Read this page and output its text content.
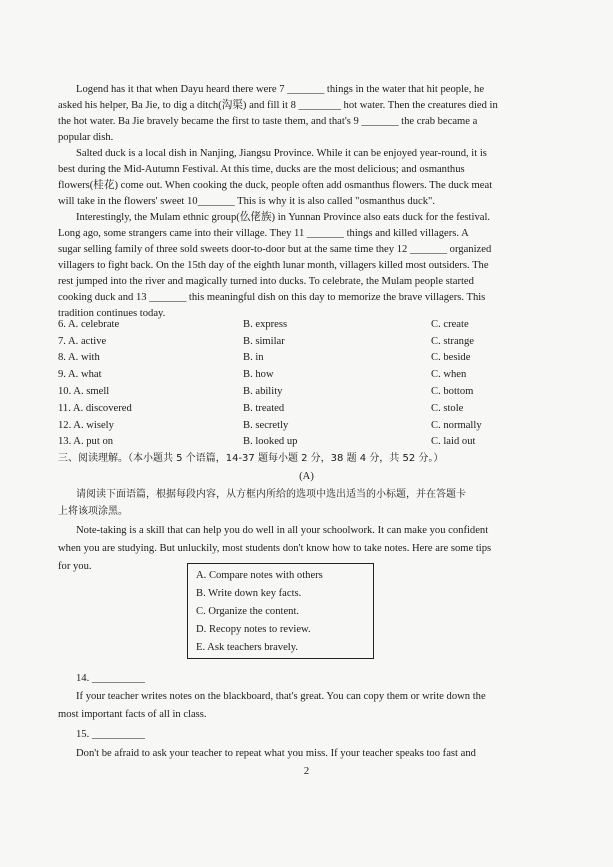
Logend has it that when Dayu heard there were 7 _______ things in the water that hit people, he
asked his helper, Ba Jie, to dig a ditch(沟渠) and fill it 8 ________ hot water. Then the creatures died in
the hot water. Ba Jie bravely became the first to taste them, and that's 9 _______ the crab became a
popular dish.
Salted duck is a local dish in Nanjing, Jiangsu Province. While it can be enjoyed year-round, it is
best during the Mid-Autumn Festival. At this time, ducks are the most delicious; and osmanthus
flowers(桂花) come out. When cooking the duck, people often add osmanthus flowers. The duck meat
will take in the flowers' sweet 10_______ This is why it is also called "osmanthus duck".
Interestingly, the Mulam ethnic group(仫佬族) in Yunnan Province also eats duck for the festival.
Long ago, some strangers came into their village. They 11 _______ things and killed villagers. A
sugar selling family of three sold sweets door-to-door but at the same time they 12 _______ organized
villagers to fight back. On the 15th day of the eighth lunar month, villagers killed most outsiders. The
rest jumped into the river and magically turned into ducks. To celebrate, the Mulam people started
cooking duck and 13 _______ this meaningful dish on this day to memorize the brave villagers. This
tradition continues today.
6. A. celebrate	B. express	C. create
7. A. active	B. similar	C. strange
8. A. with	B. in	C. beside
9. A. what	B. how	C. when
10. A. smell	B. ability	C. bottom
11. A. discovered	B. treated	C. stole
12. A. wisely	B. secretly	C. normally
13. A. put on	B. looked up	C. laid out
三、阅读理解。（本小题共 5 个语篇，14-37 题每小题 2 分，38 题 4 分，共 52 分。）
(A)
请阅读下面语篇，根据每段内容，从方框内所给的选项中选出适当的小标题，并在答题卡
上将该项涂黑。
Note-taking is a skill that can help you do well in all your schoolwork. It can make you confident
when you are studying. But unluckily, most students don't know how to take notes. Here are some tips
for you.
A. Compare notes with others
B. Write down key facts.
C. Organize the content.
D. Recopy notes to review.
E. Ask teachers bravely.
14. __________
If your teacher writes notes on the blackboard, that's great. You can copy them or write down the
most important facts of all in class.
15. __________
Don't be afraid to ask your teacher to repeat what you miss. If your teacher speaks too fast and
2
